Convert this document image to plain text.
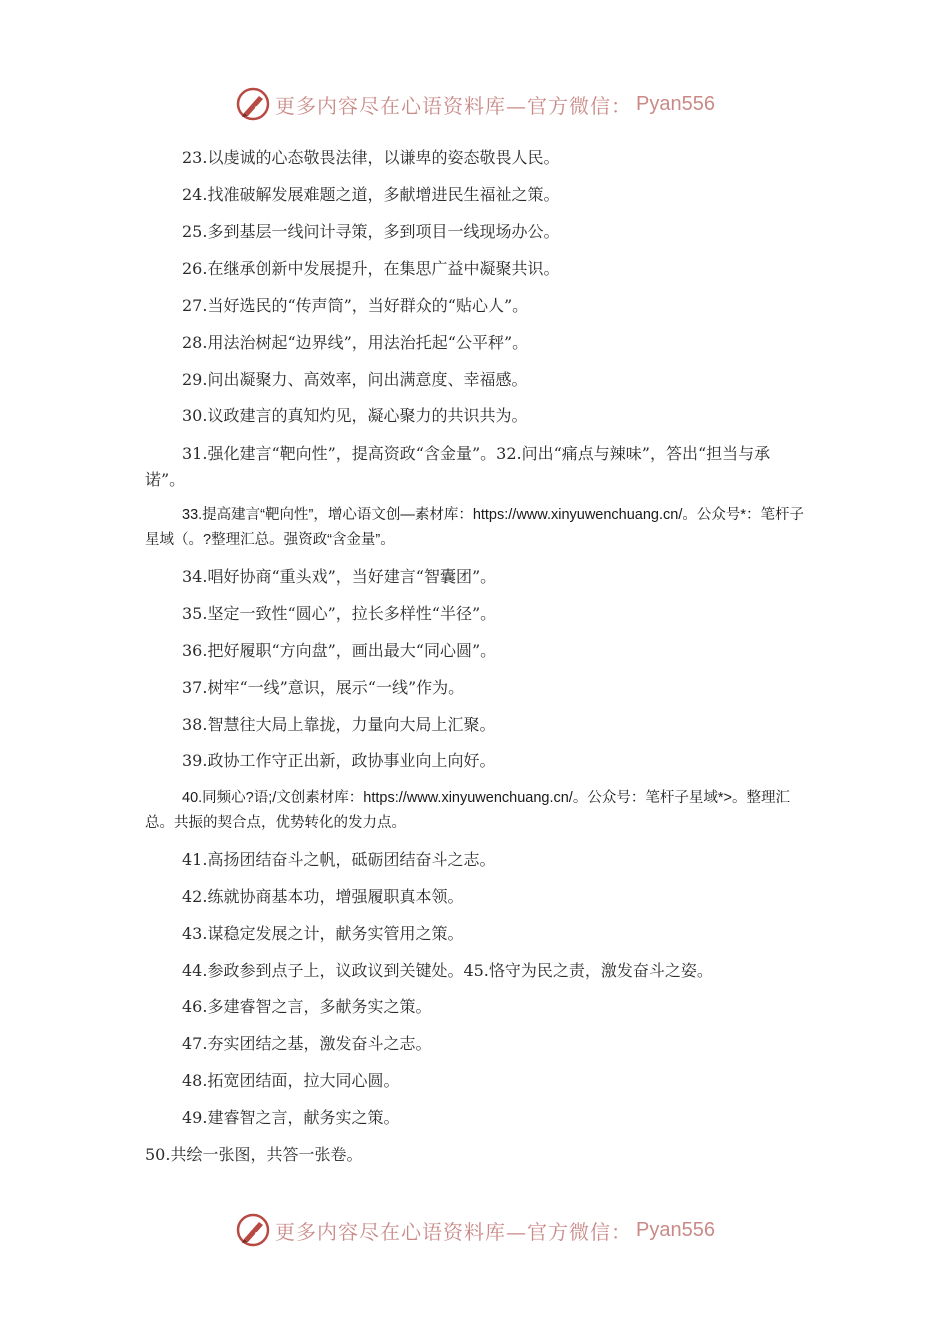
更多内容尽在心语资料库—官方微信： Pyan556
23.以虔诚的心态敬畏法律，以谦卑的姿态敬畏人民。
24.找准破解发展难题之道，多献增进民生福祉之策。
25.多到基层一线问计寻策，多到项目一线现场办公。
26.在继承创新中发展提升，在集思广益中凝聚共识。
27.当好选民的“传声筒”，当好群众的“贴心人”。
28.用法治树起“边界线”，用法治托起“公平秤”。
29.问出凝聚力、高效率，问出满意度、幸福感。
30.议政建言的真知灼见，凝心聚力的共识共为。
31.强化建言“靶向性”，提高资政“含金量”。32.问出“痛点与辣味”，答出“担当与承诺”。
33.提高建言“靶向性”，增心语文创—素材库：https://www.xinyuwenchuang.cn/。公众号*：笔杆子星域（。?整理汇总。强资政“含金量”。
34.唱好协商“重头戏”，当好建言“智囊团”。
35.坚定一致性“圆心”，拉长多样性“半径”。
36.把好履职“方向盘”，画出最大“同心圆”。
37.树牢“一线”意识，展示“一线”作为。
38.智慧往大局上靠拢，力量向大局上汇聚。
39.政协工作守正出新，政协事业向上向好。
40.同频心?语;/文创素材库：https://www.xinyuwenchuang.cn/。公众号：笔杆子星域*>。整理汇总。共振的契合点，优势转化的发力点。
41.高扬团结奋斗之帆，砥砺团结奋斗之志。
42.练就协商基本功，增强履职真本领。
43.谋稳定发展之计，献务实管用之策。
44.参政参到点子上，议政议到关键处。45.恪守为民之责，激发奋斗之姿。
46.多建睿智之言，多献务实之策。
47.夯实团结之基，激发奋斗之志。
48.拓宽团结面，拉大同心圆。
49.建睿智之言，献务实之策。
50.共绘一张图，共答一张卷。
更多内容尽在心语资料库—官方微信： Pyan556
